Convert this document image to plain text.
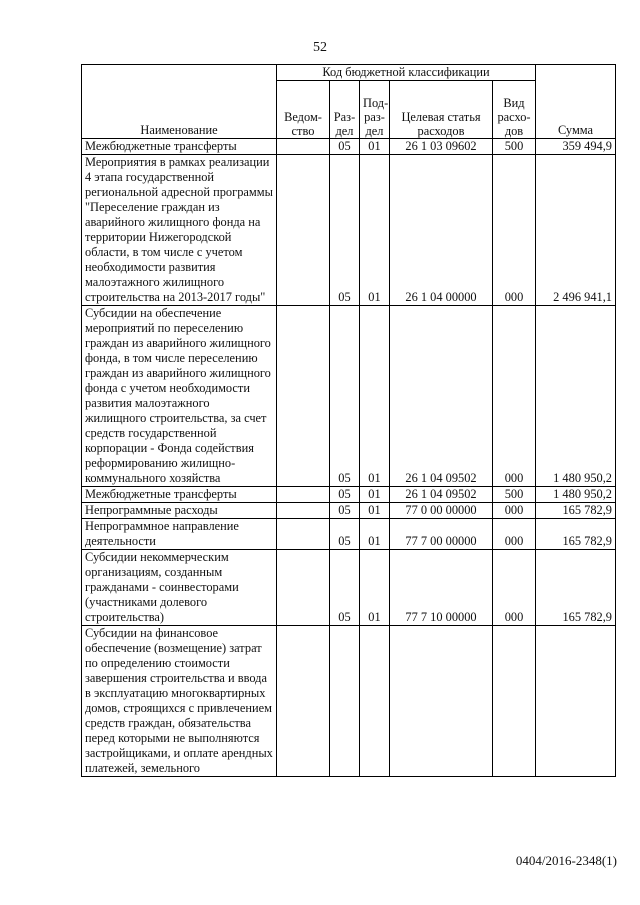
52
Наименование	Код бюджетной классификации					Сумма
	Ведом-ство	Раз-дел	Под-раз-дел	Целевая статья расходов	Вид расхо-дов	
Межбюджетные трансферты		05	01	26 1 03 09602	500	359 494,9
Мероприятия в рамках реализации 4 этапа государственной региональной адресной программы "Переселение граждан из аварийного жилищного фонда на территории Нижегородской области, в том числе с учетом необходимости развития малоэтажного жилищного строительства на 2013-2017 годы"		05	01	26 1 04 00000	000	2 496 941,1
Субсидии на обеспечение мероприятий по переселению граждан из аварийного жилищного фонда, в том числе переселению граждан из аварийного жилищного фонда с учетом необходимости развития малоэтажного жилищного строительства, за счет средств государственной корпорации - Фонда содействия реформированию жилищно-коммунального хозяйства		05	01	26 1 04 09502	000	1 480 950,2
Межбюджетные трансферты		05	01	26 1 04 09502	500	1 480 950,2
Непрограммные расходы		05	01	77 0 00 00000	000	165 782,9
Непрограммное направление деятельности		05	01	77 7 00 00000	000	165 782,9
Субсидии некоммерческим организациям, созданным гражданами - соинвесторами (участниками долевого строительства)		05	01	77 7 10 00000	000	165 782,9
Субсидии на финансовое обеспечение (возмещение) затрат по определению стоимости завершения строительства и ввода в эксплуатацию многоквартирных домов, строящихся с привлечением средств граждан, обязательства перед которыми не выполняются застройщиками, и оплате арендных платежей, земельного						
0404/2016-2348(1)
